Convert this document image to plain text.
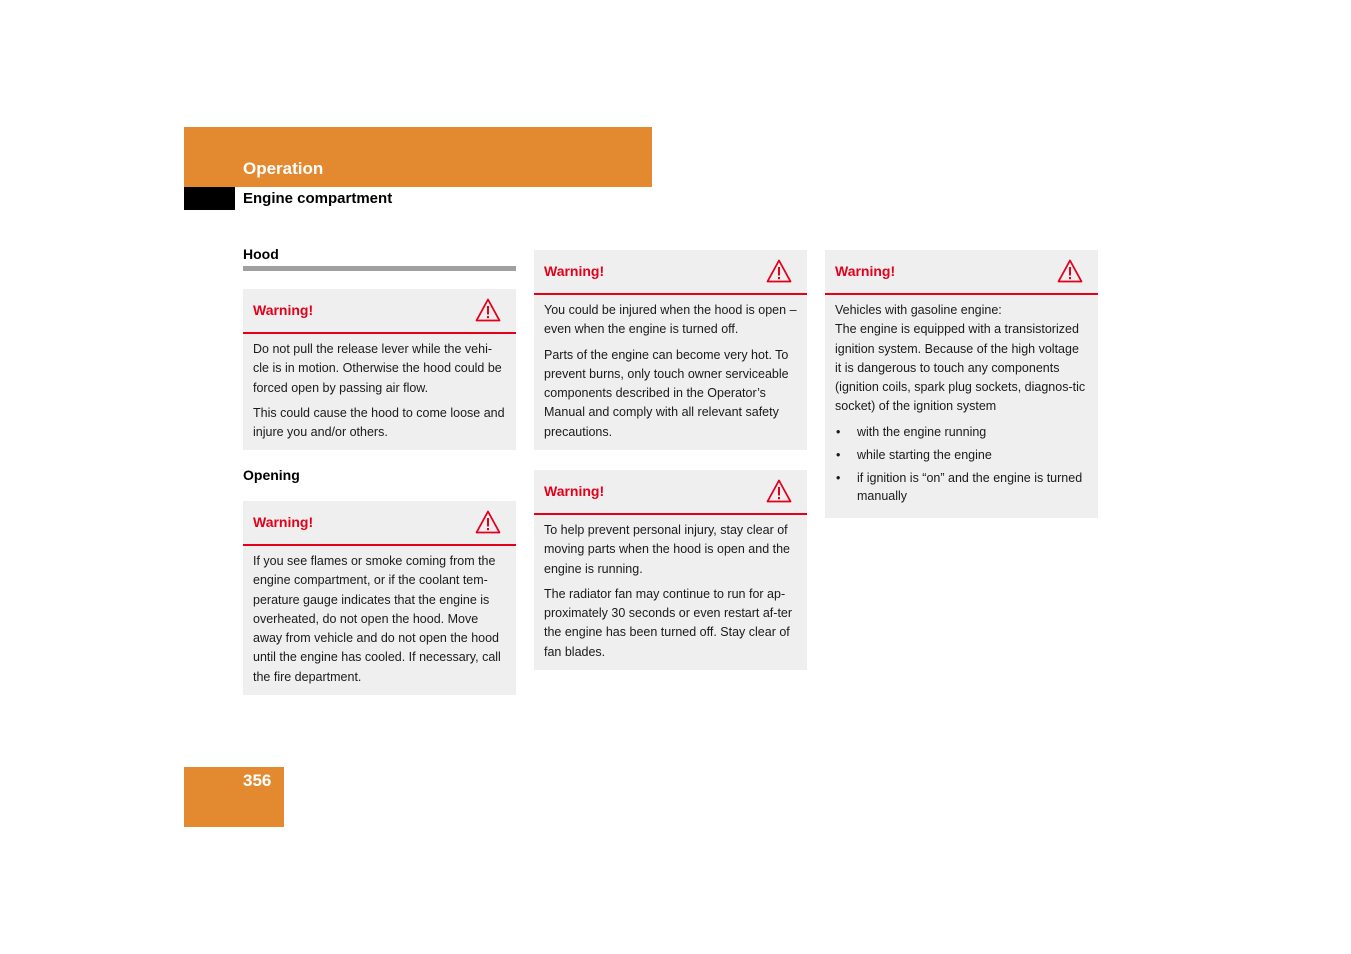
Operation
Engine compartment
Hood
Warning!

Do not pull the release lever while the vehi-cle is in motion. Otherwise the hood could be forced open by passing air flow.

This could cause the hood to come loose and injure you and/or others.

Opening
Warning!

If you see flames or smoke coming from the engine compartment, or if the coolant tem-perature gauge indicates that the engine is overheated, do not open the hood. Move away from vehicle and do not open the hood until the engine has cooled. If necessary, call the fire department.

Warning!

You could be injured when the hood is open – even when the engine is turned off.

Parts of the engine can become very hot. To prevent burns, only touch owner serviceable components described in the Operator’s Manual and comply with all relevant safety precautions.

Warning!

To help prevent personal injury, stay clear of moving parts when the hood is open and the engine is running.

The radiator fan may continue to run for ap-proximately 30 seconds or even restart af-ter the engine has been turned off. Stay clear of fan blades.

Warning!

Vehicles with gasoline engine:

The engine is equipped with a transistorized ignition system. Because of the high voltage it is dangerous to touch any components (ignition coils, spark plug sockets, diagnos-tic socket) of the ignition system

• with the engine running
• while starting the engine
• if ignition is “on” and the engine is turned manually
356
